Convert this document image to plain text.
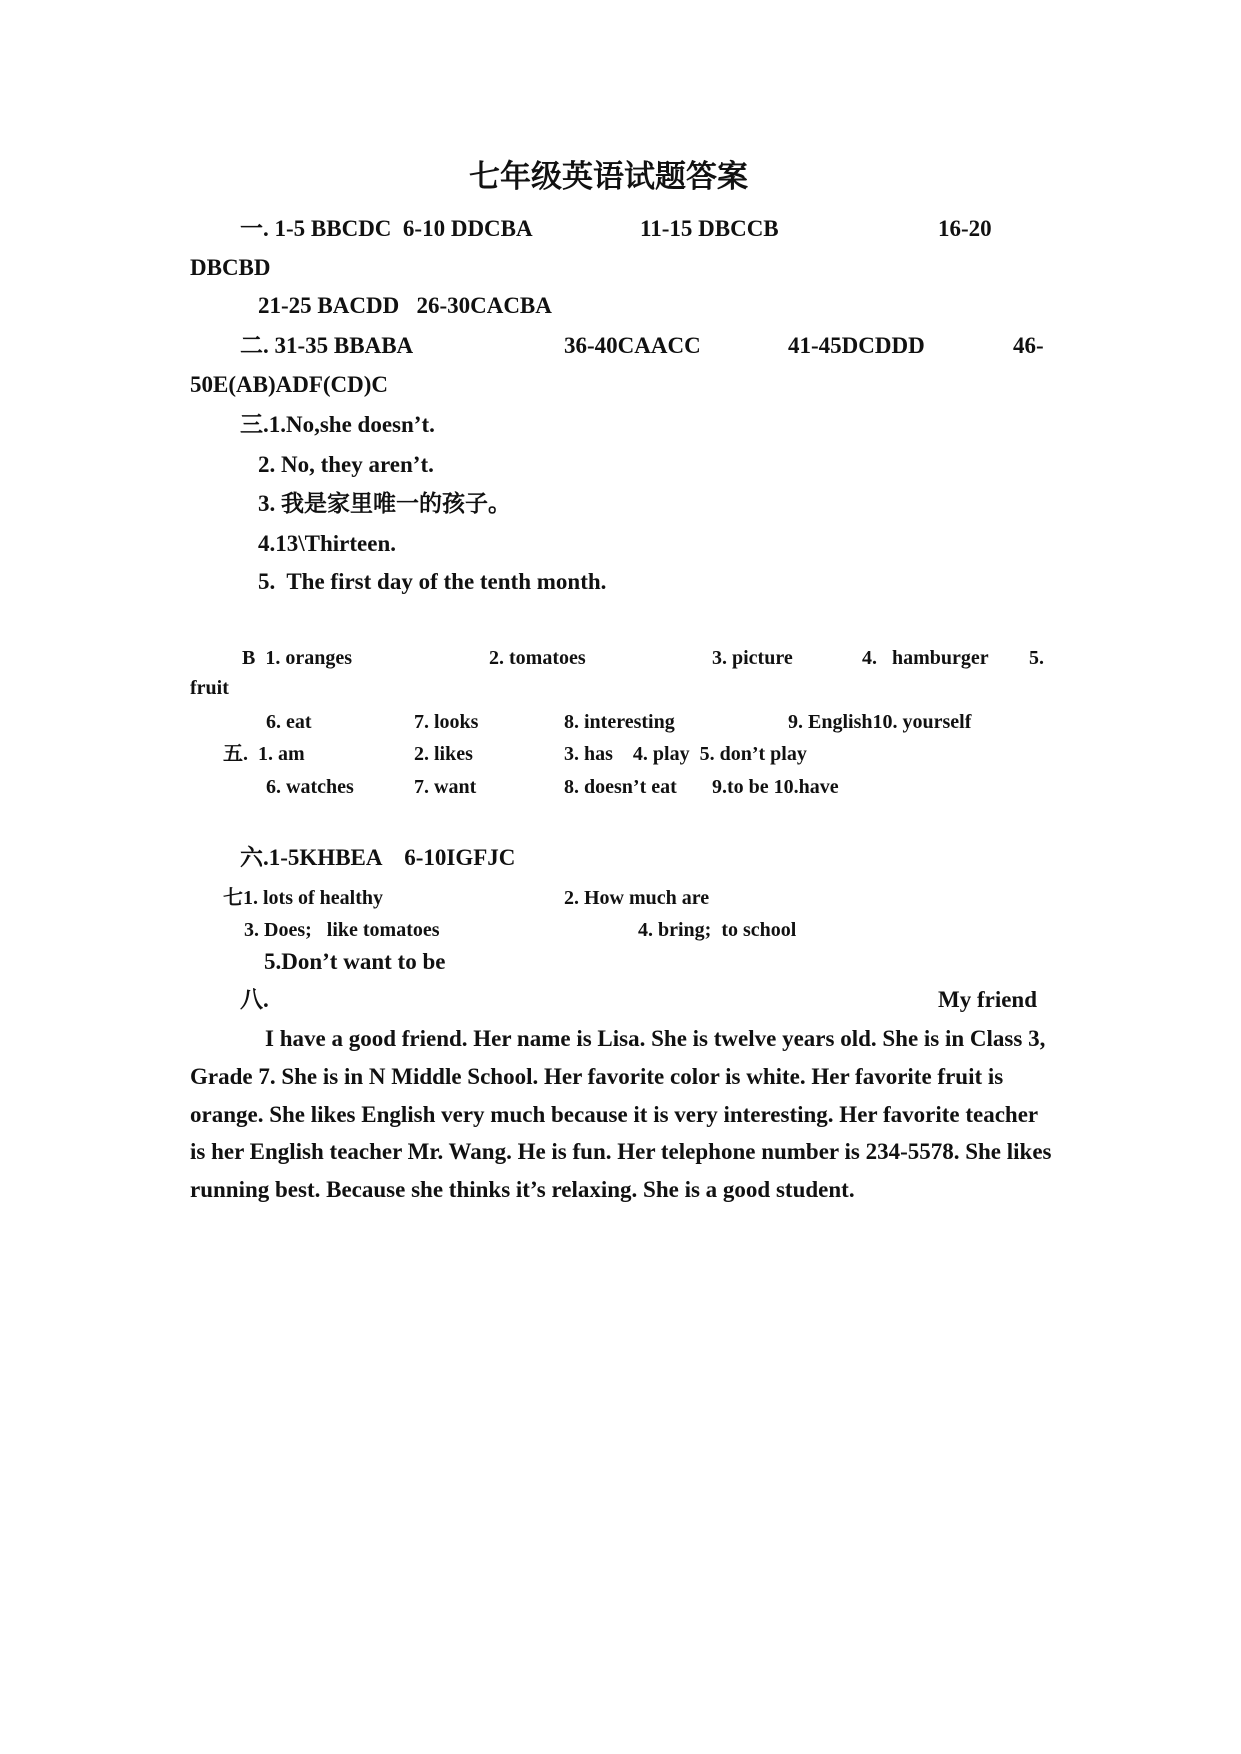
七年级英语试题答案
一. 1-5 BBCDC  6-10 DDCBA	11-15 DBCCB	16-20
DBCBD
21-25 BACDD   26-30CACBA
二. 31-35 BBABA	36-40CAACC	41-45DCDDD	46-
50E(AB)ADF(CD)C
三.1.No,she doesn’t.
2. No, they aren’t.
3. 我是家里唯一的孩子。
4.13\Thirteen.
5.  The first day of the tenth month.
B  1. oranges	2. tomatoes	3. picture	4.   hamburger 5.
fruit
6. eat	7. looks	8. interesting	9. English10. yourself
五.  1. am	2. likes	3. has    4. play  5. don’t play
6. watches	7. want	8. doesn’t eat 9.to be 10.have
六.1-5KHBEA    6-10IGFJC
七1. lots of healthy	2. How much are
3. Does;   like tomatoes	4. bring;  to school
5.Don’t want to be
八.	My friend

I have a good friend. Her name is Lisa. She is twelve years old. She is in Class 3, Grade 7. She is in N Middle School. Her favorite color is white. Her favorite fruit is orange. She likes English very much because it is very interesting. Her favorite teacher is her English teacher Mr. Wang. He is fun. Her telephone number is 234-5578. She likes running best. Because she thinks it’s relaxing. She is a good student.
